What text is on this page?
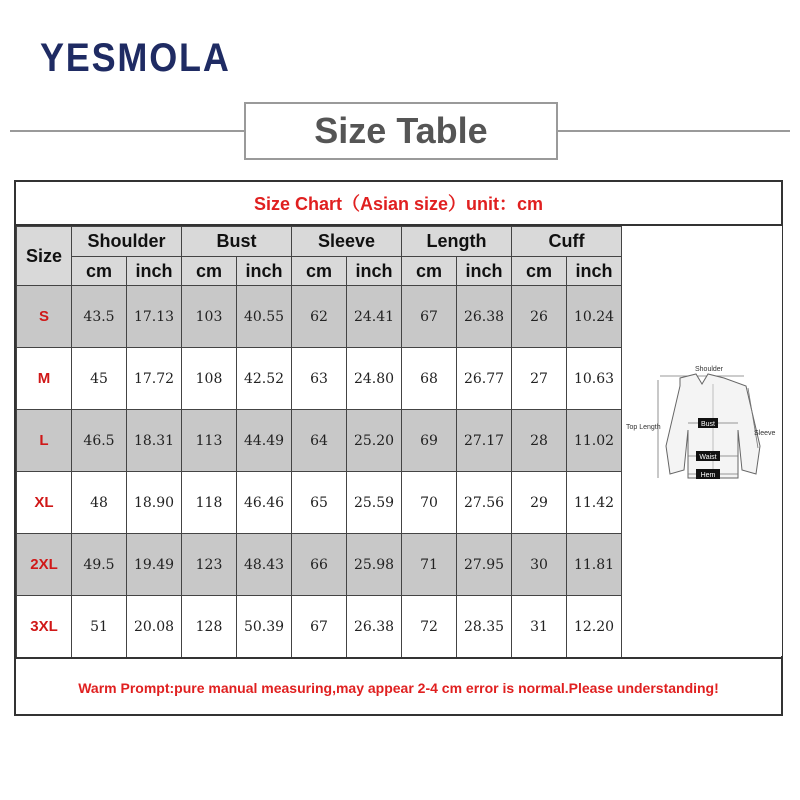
YESMOLA
Size Table
Size Chart（Asian size）unit：cm
Size	Shoulder		Bust		Sleeve		Length		Cuff	
	cm	inch	cm	inch	cm	inch	cm	inch	cm	inch
S	43.5	17.13	103	40.55	62	24.41	67	26.38	26	10.24
M	45	17.72	108	42.52	63	24.80	68	26.77	27	10.63
L	46.5	18.31	113	44.49	64	25.20	69	27.17	28	11.02
XL	48	18.90	118	46.46	65	25.59	70	27.56	29	11.42
2XL	49.5	19.49	123	48.43	66	25.98	71	27.95	30	11.81
3XL	51	20.08	128	50.39	67	26.38	72	28.35	31	12.20
Shoulder
Top Length
Sleeve
Bust
Waist
Hem
Warm Prompt:pure manual measuring,may appear 2-4 cm error is normal.Please understanding!
